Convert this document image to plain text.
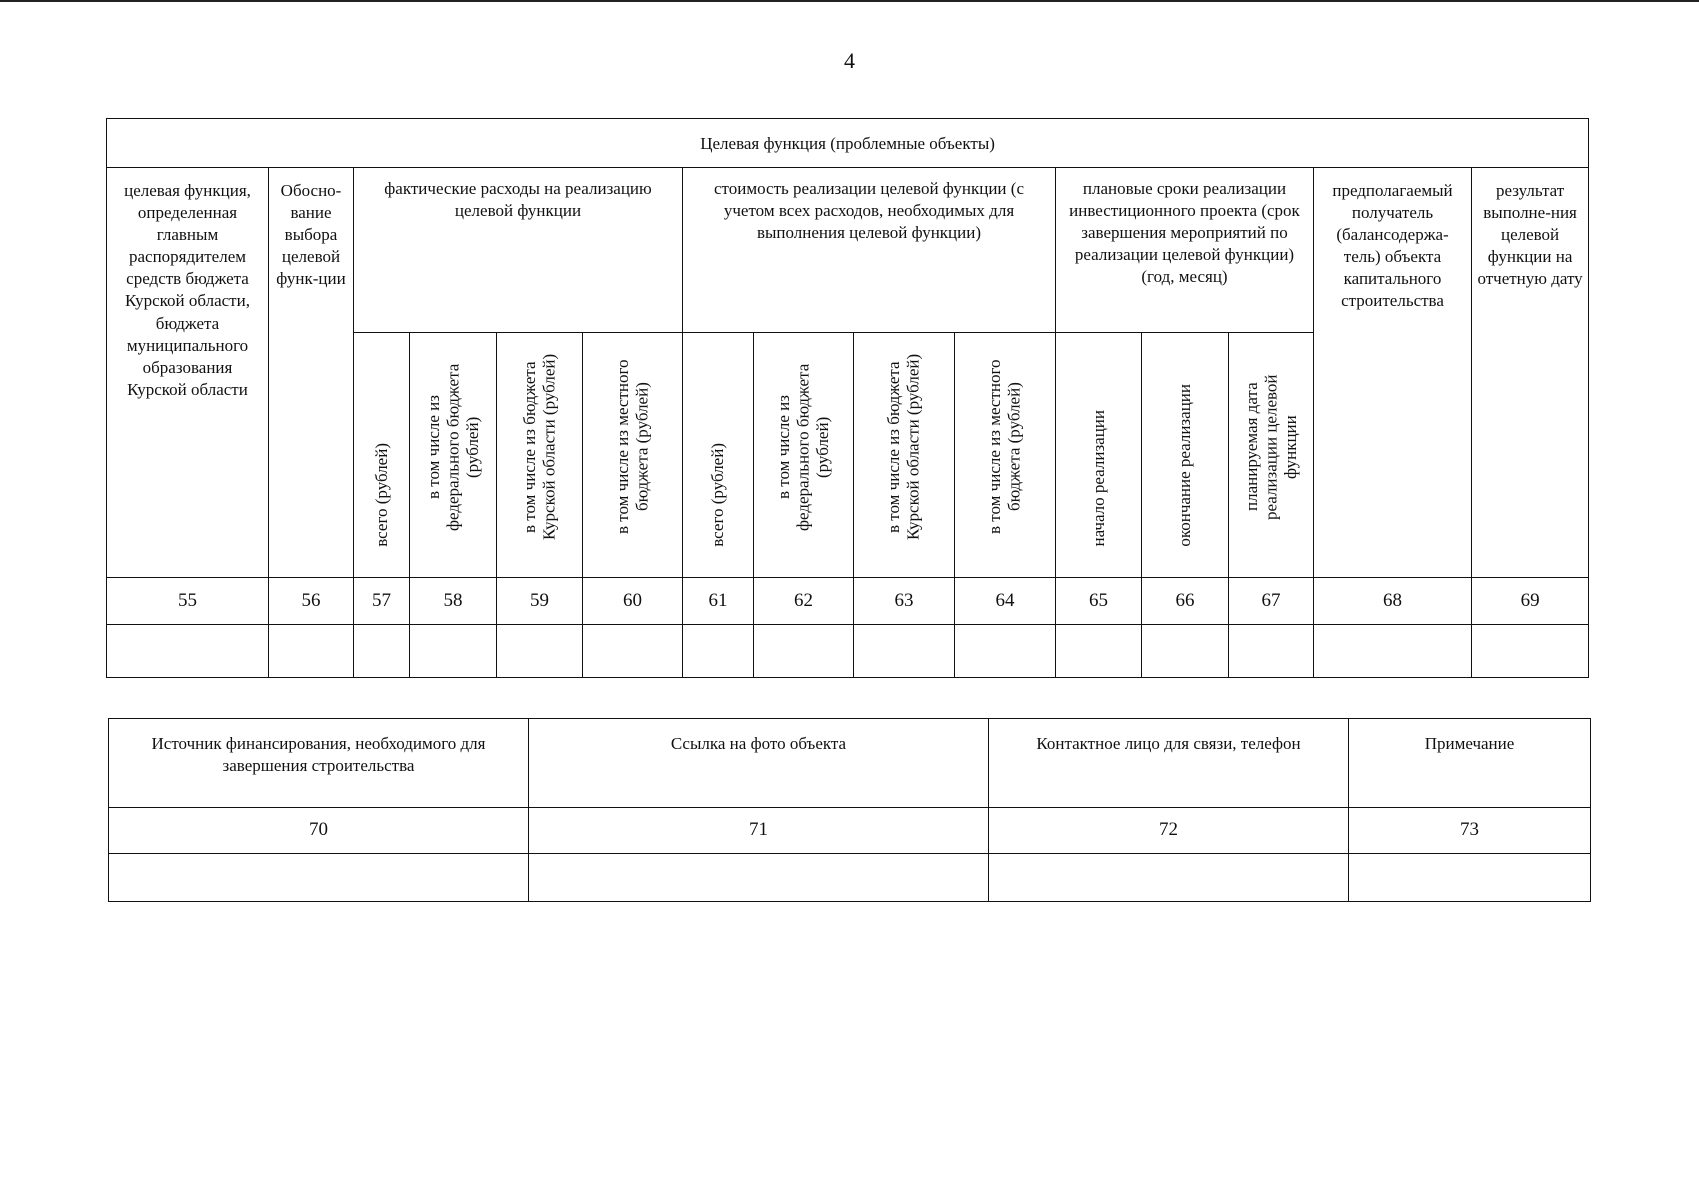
4
Целевая функция (проблемные объекты)														
целевая функция, определенная главным распорядителем средств бюджета Курской области, бюджета муниципального образования Курской области	Обосно-вание выбора целевой функ-ции	фактические расходы на реализацию целевой функции				стоимость реализации целевой функции (с учетом всех расходов, необходимых для выполнения целевой функции)				плановые сроки реализации инвестиционного проекта (срок завершения мероприятий по реализации целевой функции) (год, месяц)			предполагаемый получатель (балансодержа-тель) объекта капитального строительства	результат выполне-ния целевой функции на отчетную дату
		всего (рублей)	в том числе из федерального бюджета (рублей)	в том числе из бюджета Курской области (рублей)	в том числе из местного бюджета (рублей)	всего (рублей)	в том числе из федерального бюджета (рублей)	в том числе из бюджета Курской области (рублей)	в том числе из местного бюджета (рублей)	начало реализации	окончание реализации	планируемая дата реализации целевой функции		
55	56	57	58	59	60	61	62	63	64	65	66	67	68	69

Источник финансирования, необходимого для завершения строительства	Ссылка на фото объекта	Контактное лицо для связи, телефон	Примечание
70	71	72	73
